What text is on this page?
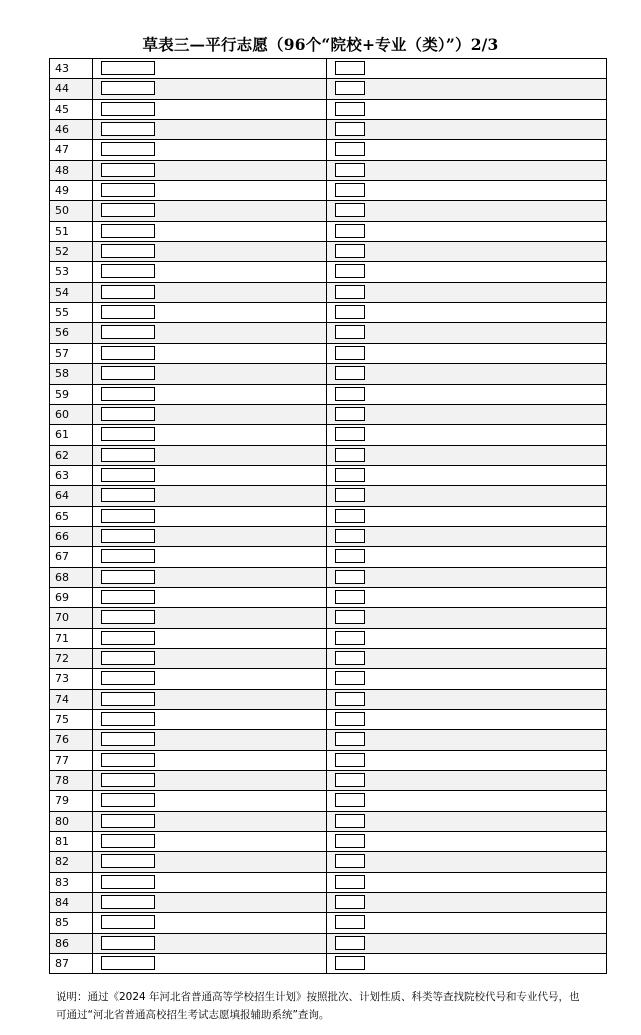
草表三—平行志愿（96个“院校+专业（类）”）2/3
43
44
45
46
47
48
49
50
51
52
53
54
55
56
57
58
59
60
61
62
63
64
65
66
67
68
69
70
71
72
73
74
75
76
77
78
79
80
81
82
83
84
85
86
87
说明：通过《2024 年河北省普通高等学校招生计划》按照批次、计划性质、科类等查找院校代号和专业代号，也
可通过“河北省普通高校招生考试志愿填报辅助系统”查询。
